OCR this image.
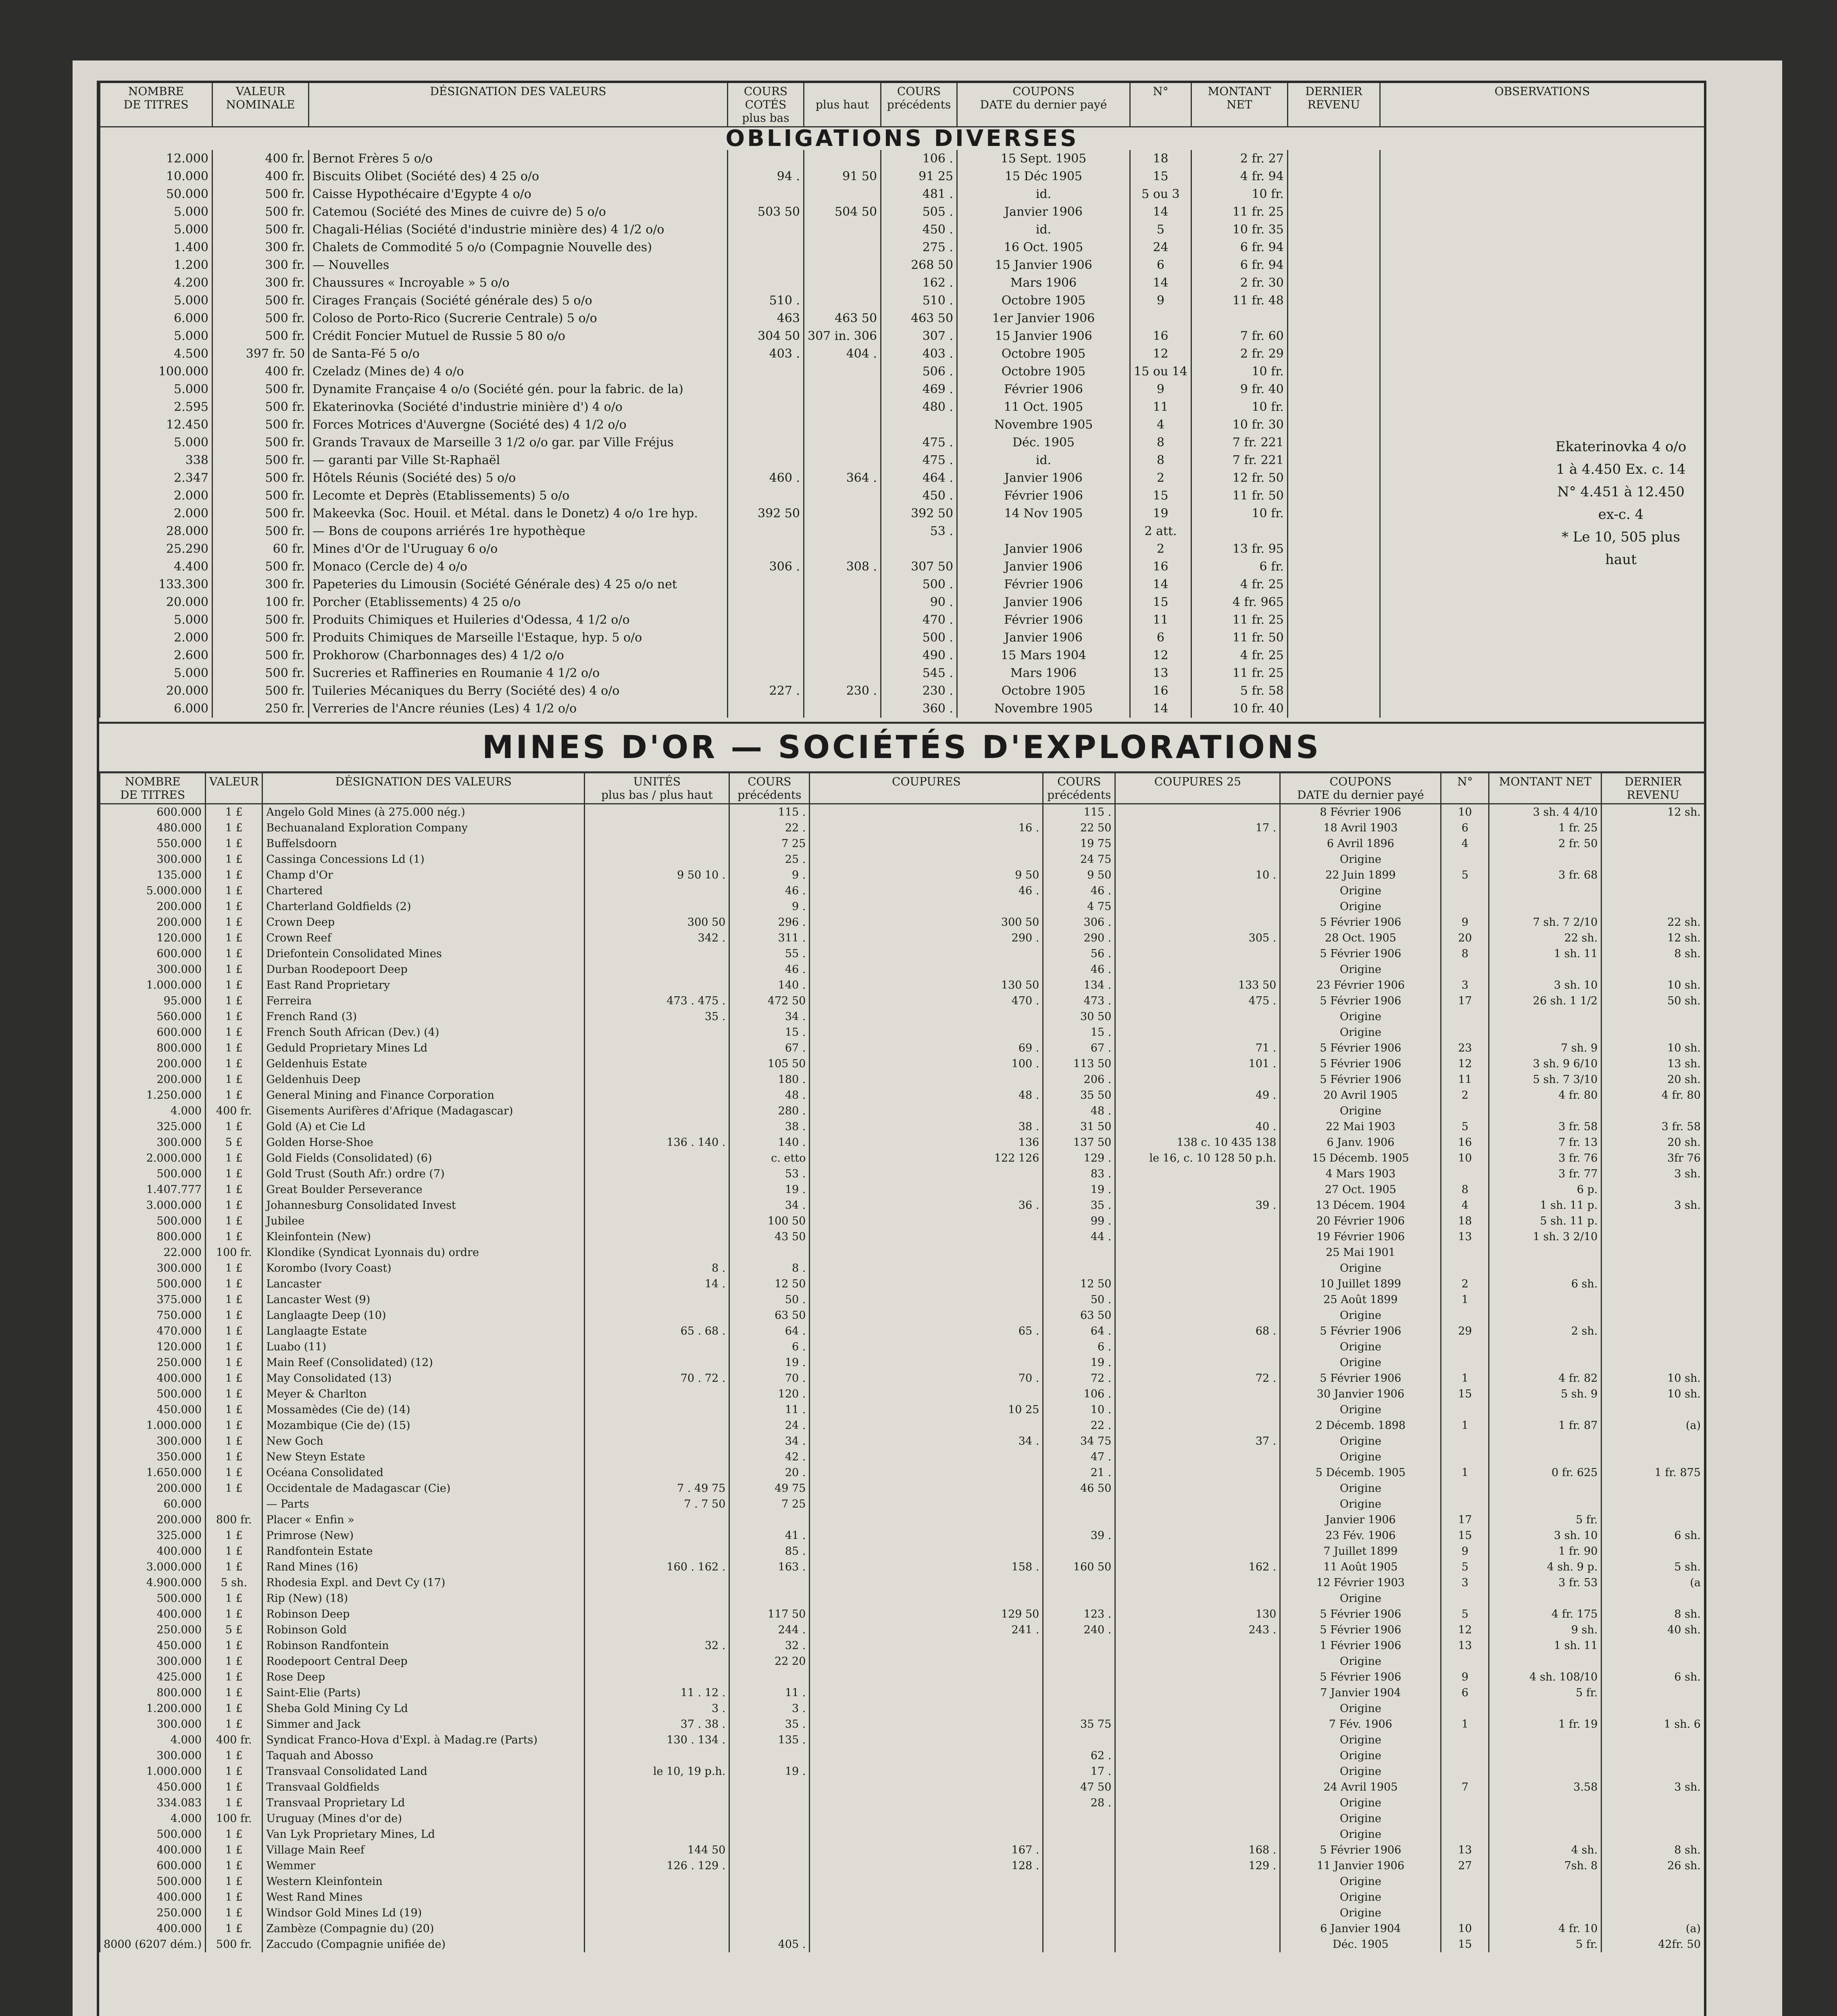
NOMBRE
DE TITRES	VALEUR
NOMINALE	DÉSIGNATION DES VALEURS	COURS COTÉS
plus bas	plus haut	COURS précédents	COUPONS
DATE du dernier payé	N°	MONTANT NET	DERNIER REVENU	OBSERVATIONS
OBLIGATIONS DIVERSES										
12.000	400 fr.	Bernot Frères 5 o/o			106 .	15 Sept. 1905	18	2 fr. 27		
10.000	400 fr.	Biscuits Olibet (Société des) 4 25 o/o	94 .	91 50	91 25	15 Déc 1905	15	4 fr. 94		
50.000	500 fr.	Caisse Hypothécaire d'Egypte 4 o/o			481 .	id.	5 ou 3	10 fr.		
5.000	500 fr.	Catemou (Société des Mines de cuivre de) 5 o/o	503 50	504 50	505 .	Janvier 1906	14	11 fr. 25		
5.000	500 fr.	Chagali-Hélias (Société d'industrie minière des) 4 1/2 o/o			450 .	id.	5	10 fr. 35		
1.400	300 fr.	Chalets de Commodité 5 o/o (Compagnie Nouvelle des)			275 .	16 Oct. 1905	24	6 fr. 94		
1.200	300 fr.	— Nouvelles			268 50	15 Janvier 1906	6	6 fr. 94		
4.200	300 fr.	Chaussures « Incroyable » 5 o/o			162 .	Mars 1906	14	2 fr. 30		
5.000	500 fr.	Cirages Français (Société générale des) 5 o/o	510 .		510 .	Octobre 1905	9	11 fr. 48		
6.000	500 fr.	Coloso de Porto-Rico (Sucrerie Centrale) 5 o/o	463	463 50	463 50	1er Janvier 1906				
5.000	500 fr.	Crédit Foncier Mutuel de Russie 5 80 o/o	304 50	307 in. 306	307 .	15 Janvier 1906	16	7 fr. 60		
4.500	397 fr. 50	de Santa-Fé 5 o/o	403 .	404 .	403 .	Octobre 1905	12	2 fr. 29		
100.000	400 fr.	Czeladz (Mines de) 4 o/o			506 .	Octobre 1905	15 ou 14	10 fr.		
5.000	500 fr.	Dynamite Française 4 o/o (Société gén. pour la fabric. de la)			469 .	Février 1906	9	9 fr. 40		
2.595	500 fr.	Ekaterinovka (Société d'industrie minière d') 4 o/o			480 .	11 Oct. 1905	11	10 fr.		
12.450	500 fr.	Forces Motrices d'Auvergne (Société des) 4 1/2 o/o				Novembre 1905	4	10 fr. 30		
5.000	500 fr.	Grands Travaux de Marseille 3 1/2 o/o gar. par Ville Fréjus			475 .	Déc. 1905	8	7 fr. 221		
338	500 fr.	— garanti par Ville St-Raphaël			475 .	id.	8	7 fr. 221		
2.347	500 fr.	Hôtels Réunis (Société des) 5 o/o	460 .	364 .	464 .	Janvier 1906	2	12 fr. 50		
2.000	500 fr.	Lecomte et Deprès (Etablissements) 5 o/o			450 .	Février 1906	15	11 fr. 50		
2.000	500 fr.	Makeevka (Soc. Houil. et Métal. dans le Donetz) 4 o/o 1re hyp.	392 50		392 50	14 Nov 1905	19	10 fr.		
28.000	500 fr.	— Bons de coupons arriérés 1re hypothèque			53 .		2 att.			
25.290	60 fr.	Mines d'Or de l'Uruguay 6 o/o				Janvier 1906	2	13 fr. 95		
4.400	500 fr.	Monaco (Cercle de) 4 o/o	306 .	308 .	307 50	Janvier 1906	16	6 fr.		
133.300	300 fr.	Papeteries du Limousin (Société Générale des) 4 25 o/o net			500 .	Février 1906	14	4 fr. 25		
20.000	100 fr.	Porcher (Etablissements) 4 25 o/o			90 .	Janvier 1906	15	4 fr. 965		
5.000	500 fr.	Produits Chimiques et Huileries d'Odessa, 4 1/2 o/o			470 .	Février 1906	11	11 fr. 25		
2.000	500 fr.	Produits Chimiques de Marseille l'Estaque, hyp. 5 o/o			500 .	Janvier 1906	6	11 fr. 50		
2.600	500 fr.	Prokhorow (Charbonnages des) 4 1/2 o/o			490 .	15 Mars 1904	12	4 fr. 25		
5.000	500 fr.	Sucreries et Raffineries en Roumanie 4 1/2 o/o			545 .	Mars 1906	13	11 fr. 25		
20.000	500 fr.	Tuileries Mécaniques du Berry (Société des) 4 o/o	227 .	230 .	230 .	Octobre 1905	16	5 fr. 58		
6.000	250 fr.	Verreries de l'Ancre réunies (Les) 4 1/2 o/o			360 .	Novembre 1905	14	10 fr. 40		
MINES D'OR — SOCIÉTÉS D'EXPLORATIONS
NOMBRE
DE TITRES	VALEUR	DÉSIGNATION DES VALEURS	UNITÉS
plus bas / plus haut	COURS précédents	COUPURES	COURS précédents	COUPURES 25	COUPONS
DATE du dernier payé	N°	MONTANT NET	DERNIER REVENU
600.000	1 £	Angelo Gold Mines (à 275.000 nég.)		115 .		115 .		8 Février 1906	10	3 sh. 4 4/10	12 sh.
480.000	1 £	Bechuanaland Exploration Company		22 .	16 .	22 50	17 .	18 Avril 1903	6	1 fr. 25	
550.000	1 £	Buffelsdoorn		7 25		19 75		6 Avril 1896	4	2 fr. 50	
300.000	1 £	Cassinga Concessions Ld (1)		25 .		24 75		Origine			
135.000	1 £	Champ d'Or	9 50 10 .	9 .	9 50	9 50	10 .	22 Juin 1899	5	3 fr. 68	
5.000.000	1 £	Chartered		46 .	46 .	46 .		Origine			
200.000	1 £	Charterland Goldfields (2)		9 .		4 75		Origine			
200.000	1 £	Crown Deep	300 50	296 .	300 50	306 .		5 Février 1906	9	7 sh. 7 2/10	22 sh.
120.000	1 £	Crown Reef	342 .	311 .	290 .	290 .	305 .	28 Oct. 1905	20	22 sh.	12 sh.
600.000	1 £	Driefontein Consolidated Mines		55 .		56 .		5 Février 1906	8	1 sh. 11	8 sh.
300.000	1 £	Durban Roodepoort Deep		46 .		46 .		Origine			
1.000.000	1 £	East Rand Proprietary		140 .	130 50	134 .	133 50	23 Février 1906	3	3 sh. 10	10 sh.
95.000	1 £	Ferreira	473 . 475 .	472 50	470 .	473 .	475 .	5 Février 1906	17	26 sh. 1 1/2	50 sh.
560.000	1 £	French Rand (3)	35 .	34 .		30 50		Origine			
600.000	1 £	French South African (Dev.) (4)		15 .		15 .		Origine			
800.000	1 £	Geduld Proprietary Mines Ld		67 .	69 .	67 .	71 .	5 Février 1906	23	7 sh. 9	10 sh.
200.000	1 £	Geldenhuis Estate		105 50	100 .	113 50	101 .	5 Février 1906	12	3 sh. 9 6/10	13 sh.
200.000	1 £	Geldenhuis Deep		180 .		206 .		5 Février 1906	11	5 sh. 7 3/10	20 sh.
1.250.000	1 £	General Mining and Finance Corporation		48 .	48 .	35 50	49 .	20 Avril 1905	2	4 fr. 80	4 fr. 80
4.000	400 fr.	Gisements Aurifères d'Afrique (Madagascar)		280 .		48 .		Origine			
325.000	1 £	Gold (A) et Cie Ld		38 .	38 .	31 50	40 .	22 Mai 1903	5	3 fr. 58	3 fr. 58
300.000	5 £	Golden Horse-Shoe	136 . 140 .	140 .	136	137 50	138 c. 10 435 138	6 Janv. 1906	16	7 fr. 13	20 sh.
2.000.000	1 £	Gold Fields (Consolidated) (6)		c. etto	122 126	129 .	le 16, c. 10 128 50 p.h.	15 Décemb. 1905	10	3 fr. 76	3fr 76
500.000	1 £	Gold Trust (South Afr.) ordre (7)		53 .		83 .		4 Mars 1903		3 fr. 77	3 sh.
1.407.777	1 £	Great Boulder Perseverance		19 .		19 .		27 Oct. 1905	8	6 p.	
3.000.000	1 £	Johannesburg Consolidated Invest		34 .	36 .	35 .	39 .	13 Décem. 1904	4	1 sh. 11 p.	3 sh.
500.000	1 £	Jubilee		100 50		99 .		20 Février 1906	18	5 sh. 11 p.	
800.000	1 £	Kleinfontein (New)		43 50		44 .		19 Février 1906	13	1 sh. 3 2/10	
22.000	100 fr.	Klondike (Syndicat Lyonnais du) ordre						25 Mai 1901			
300.000	1 £	Korombo (Ivory Coast)	8 .	8 .				Origine			
500.000	1 £	Lancaster	14 .	12 50		12 50		10 Juillet 1899	2	6 sh.	
375.000	1 £	Lancaster West (9)		50 .		50 .		25 Août 1899	1		
750.000	1 £	Langlaagte Deep (10)		63 50		63 50		Origine			
470.000	1 £	Langlaagte Estate	65 . 68 .	64 .	65 .	64 .	68 .	5 Février 1906	29	2 sh.	
120.000	1 £	Luabo (11)		6 .		6 .		Origine			
250.000	1 £	Main Reef (Consolidated) (12)		19 .		19 .		Origine			
400.000	1 £	May Consolidated (13)	70 . 72 .	70 .	70 .	72 .	72 .	5 Février 1906	1	4 fr. 82	10 sh.
500.000	1 £	Meyer & Charlton		120 .		106 .		30 Janvier 1906	15	5 sh. 9	10 sh.
450.000	1 £	Mossamèdes (Cie de) (14)		11 .	10 25	10 .		Origine			
1.000.000	1 £	Mozambique (Cie de) (15)		24 .		22 .		2 Décemb. 1898	1	1 fr. 87	(a)
300.000	1 £	New Goch		34 .	34 .	34 75	37 .	Origine			
350.000	1 £	New Steyn Estate		42 .		47 .		Origine			
1.650.000	1 £	Océana Consolidated		20 .		21 .		5 Décemb. 1905	1	0 fr. 625	1 fr. 875
200.000	1 £	Occidentale de Madagascar (Cie)	7 . 49 75	49 75		46 50		Origine			
60.000		— Parts	7 . 7 50	7 25				Origine			
200.000	800 fr.	Placer « Enfin »						Janvier 1906	17	5 fr.	
325.000	1 £	Primrose (New)		41 .		39 .		23 Fév. 1906	15	3 sh. 10	6 sh.
400.000	1 £	Randfontein Estate		85 .				7 Juillet 1899	9	1 fr. 90	
3.000.000	1 £	Rand Mines (16)	160 . 162 .	163 .	158 .	160 50	162 .	11 Août 1905	5	4 sh. 9 p.	5 sh.
4.900.000	5 sh.	Rhodesia Expl. and Devt Cy (17)						12 Février 1903	3	3 fr. 53	(a
500.000	1 £	Rip (New) (18)						Origine			
400.000	1 £	Robinson Deep		117 50	129 50	123 .	130	5 Février 1906	5	4 fr. 175	8 sh.
250.000	5 £	Robinson Gold		244 .	241 .	240 .	243 .	5 Février 1906	12	9 sh.	40 sh.
450.000	1 £	Robinson Randfontein	32 .	32 .				1 Février 1906	13	1 sh. 11	
300.000	1 £	Roodepoort Central Deep		22 20				Origine			
425.000	1 £	Rose Deep						5 Février 1906	9	4 sh. 108/10	6 sh.
800.000	1 £	Saint-Elie (Parts)	11 . 12 .	11 .				7 Janvier 1904	6	5 fr.	
1.200.000	1 £	Sheba Gold Mining Cy Ld	3 .	3 .				Origine			
300.000	1 £	Simmer and Jack	37 . 38 .	35 .		35 75		7 Fév. 1906	1	1 fr. 19	1 sh. 6
4.000	400 fr.	Syndicat Franco-Hova d'Expl. à Madag.re (Parts)	130 . 134 .	135 .				Origine			
300.000	1 £	Taquah and Abosso				62 .		Origine			
1.000.000	1 £	Transvaal Consolidated Land	le 10, 19 p.h.	19 .		17 .		Origine			
450.000	1 £	Transvaal Goldfields				47 50		24 Avril 1905	7	3.58	3 sh.
334.083	1 £	Transvaal Proprietary Ld				28 .		Origine			
4.000	100 fr.	Uruguay (Mines d'or de)						Origine			
500.000	1 £	Van Lyk Proprietary Mines, Ld						Origine			
400.000	1 £	Village Main Reef	144 50		167 .		168 .	5 Février 1906	13	4 sh.	8 sh.
600.000	1 £	Wemmer	126 . 129 .		128 .		129 .	11 Janvier 1906	27	7sh. 8	26 sh.
500.000	1 £	Western Kleinfontein						Origine			
400.000	1 £	West Rand Mines						Origine			
250.000	1 £	Windsor Gold Mines Ld (19)						Origine			
400.000	1 £	Zambèze (Compagnie du) (20)						6 Janvier 1904	10	4 fr. 10	(a)
8000 (6207 dém.)	500 fr.	Zaccudo (Compagnie unifiée de)		405 .				Déc. 1905	15	5 fr.	42fr. 50
Ekaterinovka 4 o/o
1 à 4.450 Ex. c. 14
N° 4.451 à 12.450 ex-c. 4
* Le 10, 505 plus haut
